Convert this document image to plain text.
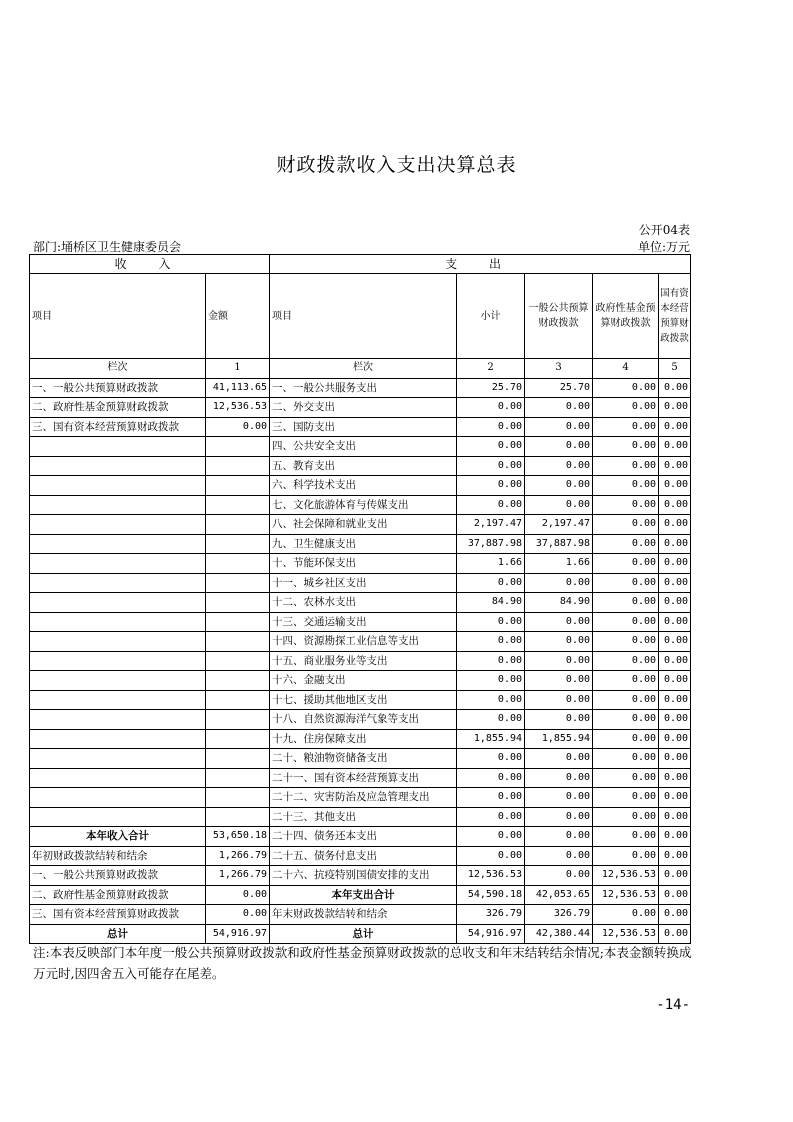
财政拨款收入支出决算总表
公开04表
部门:埇桥区卫生健康委员会	单位:万元
收 入		支 出				
项目	金额	项目	小计	一般公共预算财政拨款	政府性基金预算财政拨款	国有资本经营预算财政拨款
栏次	1	栏次	2	3	4	5
一、一般公共预算财政拨款	41,113.65	一、一般公共服务支出	25.70	25.70	0.00	0.00
二、政府性基金预算财政拨款	12,536.53	二、外交支出	0.00	0.00	0.00	0.00
三、国有资本经营预算财政拨款	0.00	三、国防支出	0.00	0.00	0.00	0.00
		四、公共安全支出	0.00	0.00	0.00	0.00
		五、教育支出	0.00	0.00	0.00	0.00
		六、科学技术支出	0.00	0.00	0.00	0.00
		七、文化旅游体育与传媒支出	0.00	0.00	0.00	0.00
		八、社会保障和就业支出	2,197.47	2,197.47	0.00	0.00
		九、卫生健康支出	37,887.98	37,887.98	0.00	0.00
		十、节能环保支出	1.66	1.66	0.00	0.00
		十一、城乡社区支出	0.00	0.00	0.00	0.00
		十二、农林水支出	84.90	84.90	0.00	0.00
		十三、交通运输支出	0.00	0.00	0.00	0.00
		十四、资源勘探工业信息等支出	0.00	0.00	0.00	0.00
		十五、商业服务业等支出	0.00	0.00	0.00	0.00
		十六、金融支出	0.00	0.00	0.00	0.00
		十七、援助其他地区支出	0.00	0.00	0.00	0.00
		十八、自然资源海洋气象等支出	0.00	0.00	0.00	0.00
		十九、住房保障支出	1,855.94	1,855.94	0.00	0.00
		二十、粮油物资储备支出	0.00	0.00	0.00	0.00
		二十一、国有资本经营预算支出	0.00	0.00	0.00	0.00
		二十二、灾害防治及应急管理支出	0.00	0.00	0.00	0.00
		二十三、其他支出	0.00	0.00	0.00	0.00
本年收入合计	53,650.18	二十四、债务还本支出	0.00	0.00	0.00	0.00
年初财政拨款结转和结余	1,266.79	二十五、债务付息支出	0.00	0.00	0.00	0.00
一、一般公共预算财政拨款	1,266.79	二十六、抗疫特别国债安排的支出	12,536.53	0.00	12,536.53	0.00
二、政府性基金预算财政拨款	0.00	本年支出合计	54,590.18	42,053.65	12,536.53	0.00
三、国有资本经营预算财政拨款	0.00	年末财政拨款结转和结余	326.79	326.79	0.00	0.00
总计	54,916.97	总计	54,916.97	42,380.44	12,536.53	0.00
注:本表反映部门本年度一般公共预算财政拨款和政府性基金预算财政拨款的总收支和年末结转结余情况;本表金额转换成万元时,因四舍五入可能存在尾差。
-14-
